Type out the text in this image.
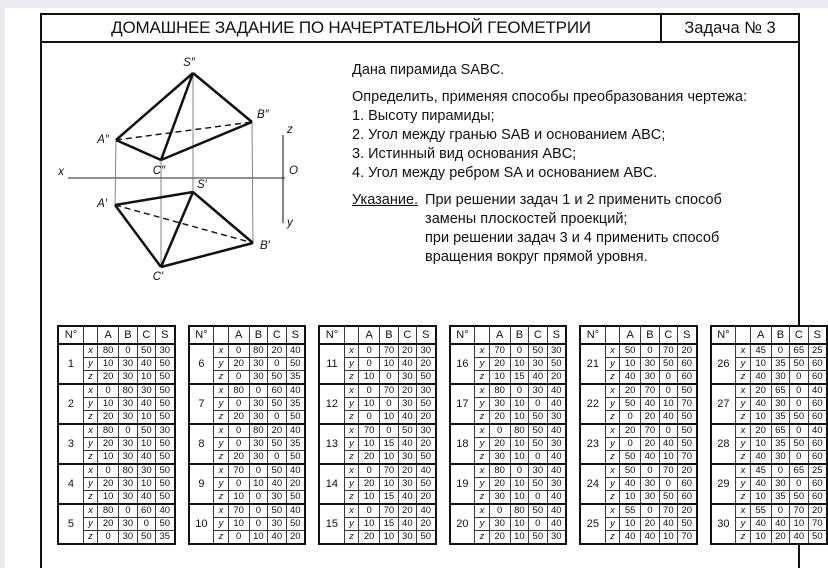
ДОМАШНЕЕ ЗАДАНИЕ ПО НАЧЕРТАТЕЛЬНОЙ ГЕОМЕТРИИ	Задача № 3
S″
A″
B″
C″
S′
A′
B′
C′
x
z
O
y
Дана пирамида SABC.
Определить, применяя способы преобразования чертежа:
1. Высоту пирамиды;
2. Угол между гранью SAB и основанием ABC;
3. Истинный вид основания ABC;
4. Угол между ребром SA и основанием ABC.
Указание. При решении задач 1 и 2 применить способ
замены плоскостей проекций;
при решении задач 3 и 4 применить способ
вращения вокруг прямой уровня.
N°		A	B	C	S
1	x	80	0	50	30
	y	10	30	40	50
	z	20	30	10	50
2	x	0	80	30	50
	y	10	30	40	50
	z	20	30	10	50
3	x	80	0	50	30
	y	20	30	10	50
	z	10	30	40	50
4	x	0	80	30	50
	y	20	30	10	50
	z	10	30	40	50
5	x	80	0	60	40
	y	20	30	0	50
	z	0	30	50	35
N°		A	B	C	S
6	x	0	80	20	40
	y	20	30	0	50
	z	0	30	50	35
7	x	80	0	60	40
	y	0	30	50	35
	z	20	30	0	50
8	x	0	80	20	40
	y	0	30	50	35
	z	20	30	0	50
9	x	70	0	50	40
	y	0	10	40	20
	z	10	0	30	50
10	x	70	0	50	40
	y	10	0	30	50
	z	0	10	40	20
N°		A	B	C	S
11	x	0	70	20	30
	y	0	10	40	20
	z	10	0	30	50
12	x	0	70	20	30
	y	10	0	30	50
	z	0	10	40	20
13	x	70	0	50	30
	y	10	15	40	20
	z	20	10	30	50
14	x	0	70	20	40
	y	20	10	30	50
	z	10	15	40	20
15	x	0	70	20	40
	y	10	15	40	20
	z	20	10	30	50
N°		A	B	C	S
16	x	70	0	50	30
	y	20	10	30	50
	z	10	15	40	20
17	x	80	0	30	40
	y	30	10	0	40
	z	20	10	50	30
18	x	0	80	50	40
	y	20	10	50	30
	z	30	10	0	40
19	x	80	0	30	40
	y	20	10	50	30
	z	30	10	0	40
20	x	0	80	50	40
	y	30	10	0	40
	z	20	10	50	30
N°		A	B	C	S
21	x	50	0	70	20
	y	10	30	50	60
	z	40	30	0	60
22	x	20	70	0	50
	y	50	40	10	70
	z	0	20	40	50
23	x	20	70	0	50
	y	0	20	40	50
	z	50	40	10	70
24	x	50	0	70	20
	y	40	30	0	60
	z	10	30	50	60
25	x	55	0	70	20
	y	10	20	40	50
	z	40	40	10	70
N°		A	B	C	S
26	x	45	0	65	25
	y	10	35	50	60
	z	40	30	0	60
27	x	20	65	0	40
	y	40	30	0	60
	z	10	35	50	60
28	x	20	65	0	40
	y	10	35	50	60
	z	40	30	0	60
29	x	45	0	65	25
	y	40	30	0	60
	z	10	35	50	60
30	x	55	0	70	20
	y	40	40	10	70
	z	10	20	40	50
